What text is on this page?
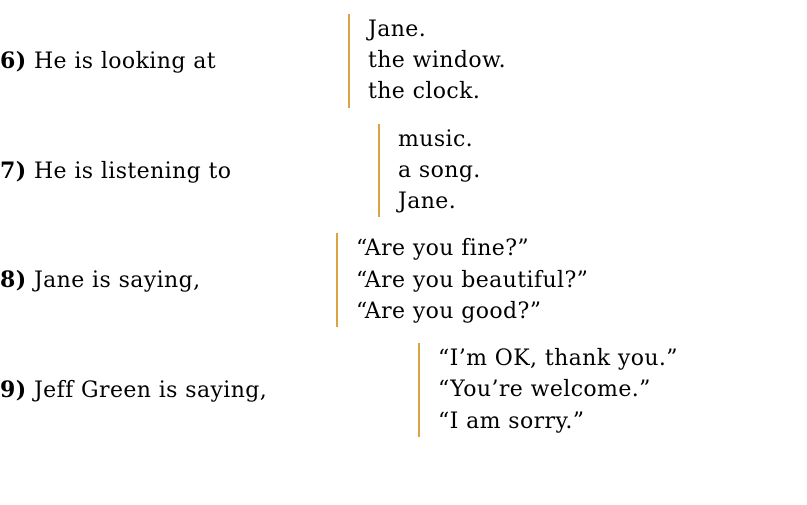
6) He is looking at
Jane.
the window.
the clock.
7) He is listening to
music.
a song.
Jane.
8) Jane is saying,
“Are you fine?”
“Are you beautiful?”
“Are you good?”
9) Jeff Green is saying,
“I’m OK, thank you.”
“You’re welcome.”
“I am sorry.”
